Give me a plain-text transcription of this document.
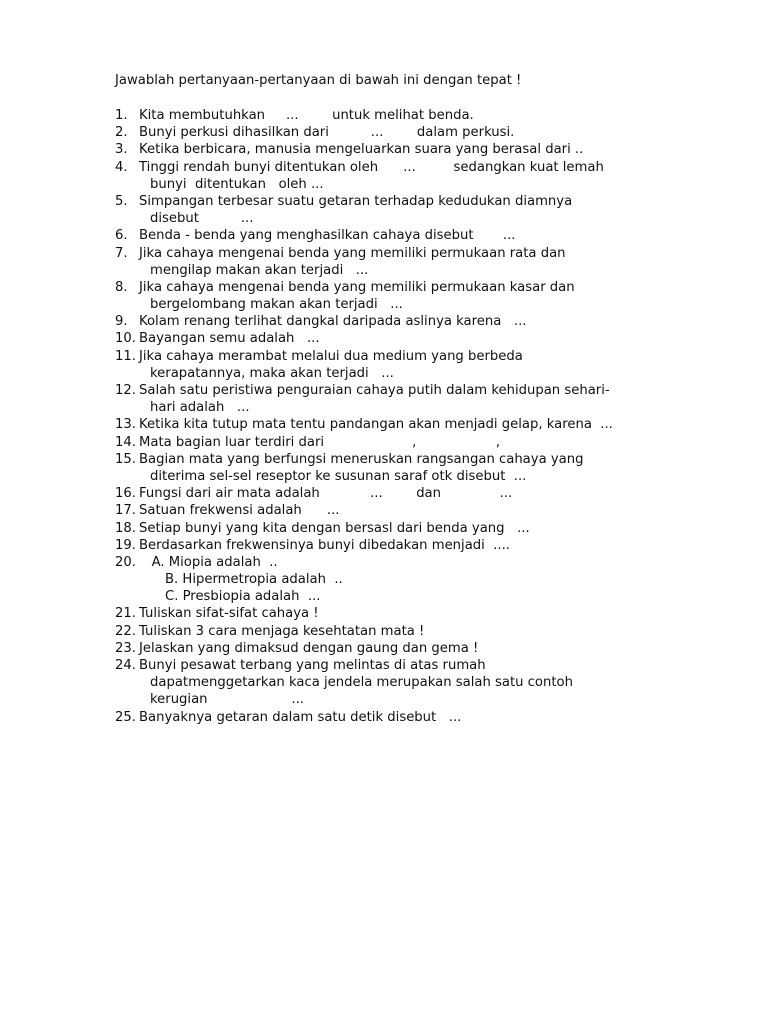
Jawablah pertanyaan-pertanyaan di bawah ini dengan tepat !
1. Kita membutuhkan     ...        untuk melihat benda.
2. Bunyi perkusi dihasilkan dari          ...        dalam perkusi.
3. Ketika berbicara, manusia mengeluarkan suara yang berasal dari ..
4. Tinggi rendah bunyi ditentukan oleh      ...         sedangkan kuat lemah
bunyi  ditentukan   oleh ...
5. Simpangan terbesar suatu getaran terhadap kedudukan diamnya
disebut          ...
6. Benda - benda yang menghasilkan cahaya disebut       ...
7. Jika cahaya mengenai benda yang memiliki permukaan rata dan
mengilap makan akan terjadi   ...
8. Jika cahaya mengenai benda yang memiliki permukaan kasar dan
bergelombang makan akan terjadi   ...
9. Kolam renang terlihat dangkal daripada aslinya karena   ...
10. Bayangan semu adalah   ...
11. Jika cahaya merambat melalui dua medium yang berbeda
kerapatannya, maka akan terjadi   ...
12. Salah satu peristiwa penguraian cahaya putih dalam kehidupan sehari-
hari adalah   ...
13. Ketika kita tutup mata tentu pandangan akan menjadi gelap, karena  ...
14. Mata bagian luar terdiri dari                     ,                   ,
15. Bagian mata yang berfungsi meneruskan rangsangan cahaya yang
diterima sel-sel reseptor ke susunan saraf otk disebut  ...
16. Fungsi dari air mata adalah            ...        dan              ...
17. Satuan frekwensi adalah      ...
18. Setiap bunyi yang kita dengan bersasl dari benda yang   ...
19. Berdasarkan frekwensinya bunyi dibedakan menjadi  ....
20. A. Miopia adalah  ..
B. Hipermetropia adalah  ..
C. Presbiopia adalah  ...
21. Tuliskan sifat-sifat cahaya !
22. Tuliskan 3 cara menjaga kesehtatan mata !
23. Jelaskan yang dimaksud dengan gaung dan gema !
24. Bunyi pesawat terbang yang melintas di atas rumah
dapatmenggetarkan kaca jendela merupakan salah satu contoh
kerugian                    ...
25. Banyaknya getaran dalam satu detik disebut   ...
